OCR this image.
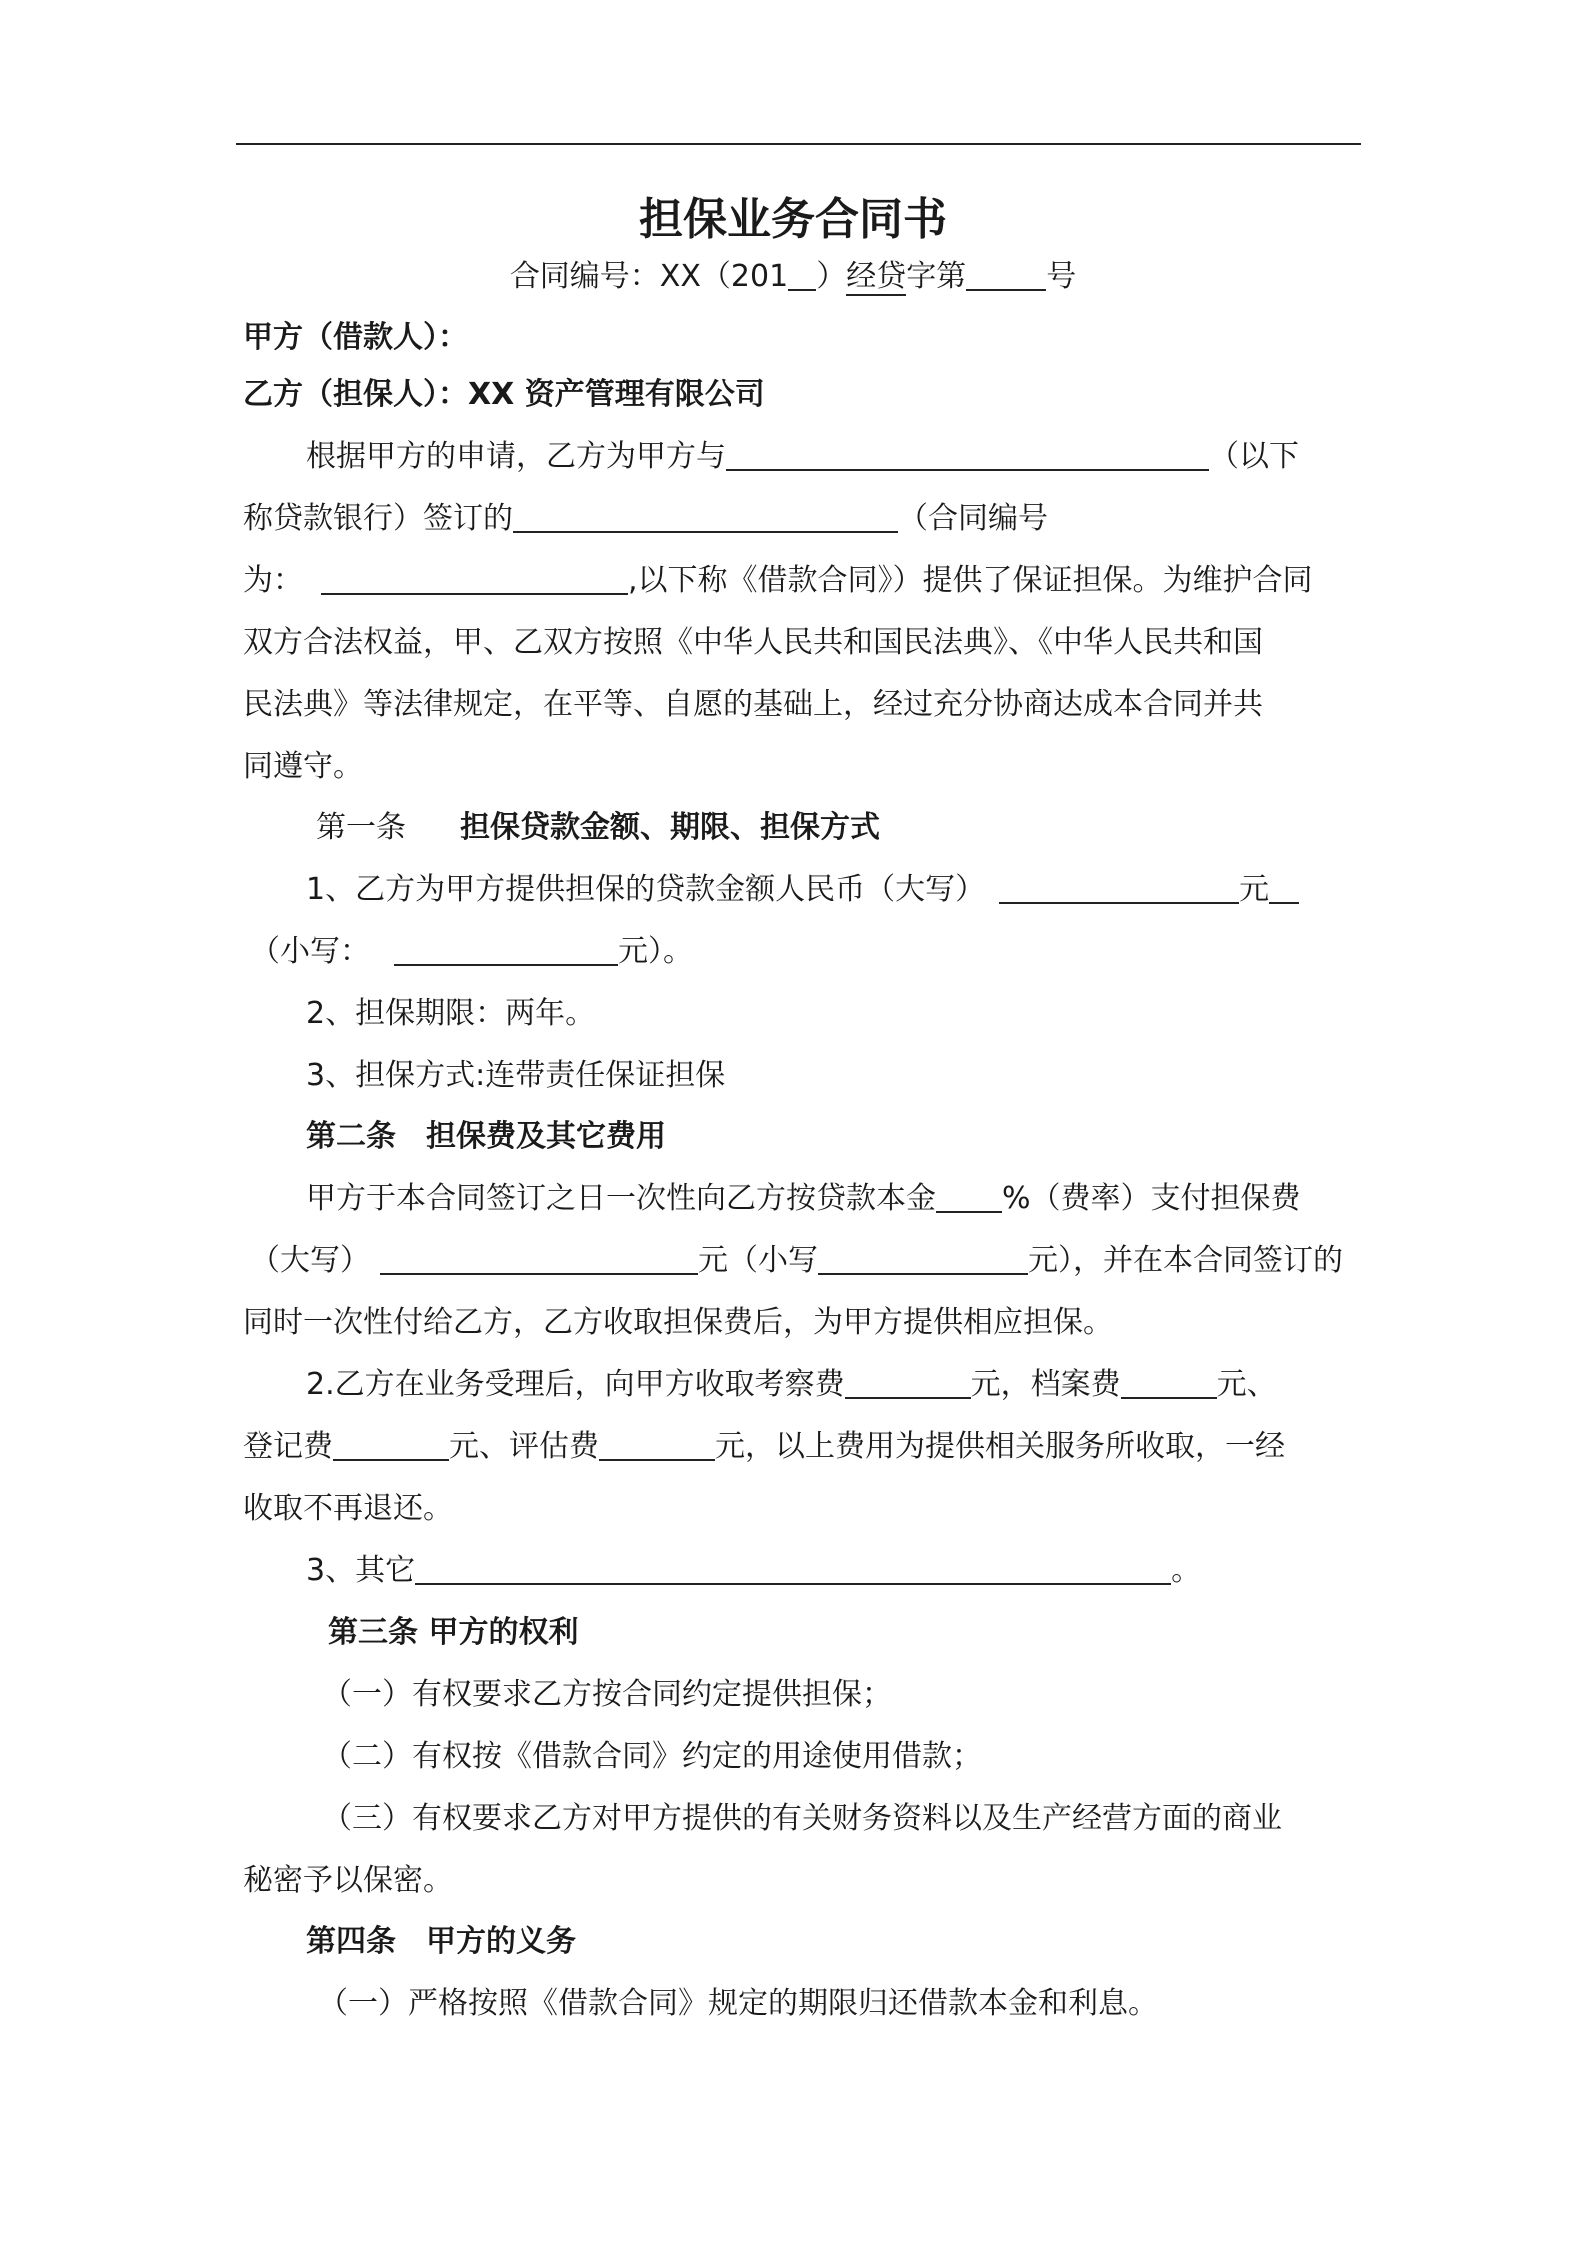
担保业务合同书
合同编号：XX（201 ）经贷字第	号
甲方（借款人）：
乙方（担保人）：XX 资产管理有限公司
根据甲方的申请，乙方为甲方与	（以下
称贷款银行）签订的	（合同编号
为：	,以下称《借款合同》）提供了保证担保。为维护合同
双方合法权益，甲、乙双方按照《中华人民共和国民法典》、《中华人民共和国
民法典》等法律规定，在平等、自愿的基础上，经过充分协商达成本合同并共
同遵守。
第一条 担保贷款金额、期限、担保方式
1、乙方为甲方提供担保的贷款金额人民币（大写）	元
（小写：	元）。
2、担保期限：两年。
3、担保方式:连带责任保证担保
第二条 担保费及其它费用
甲方于本合同签订之日一次性向乙方按贷款本金 %（费率）支付担保费
（大写）	元（小写	元），并在本合同签订的
同时一次性付给乙方，乙方收取担保费后，为甲方提供相应担保。
2.乙方在业务受理后，向甲方收取考察费	元，档案费	元、
登记费	元、评估费	元，以上费用为提供相关服务所收取，一经
收取不再退还。
3、其它	。
第三条 甲方的权利
（一）有权要求乙方按合同约定提供担保；
（二）有权按《借款合同》约定的用途使用借款；
（三）有权要求乙方对甲方提供的有关财务资料以及生产经营方面的商业
秘密予以保密。
第四条 甲方的义务
（一）严格按照《借款合同》规定的期限归还借款本金和利息。
